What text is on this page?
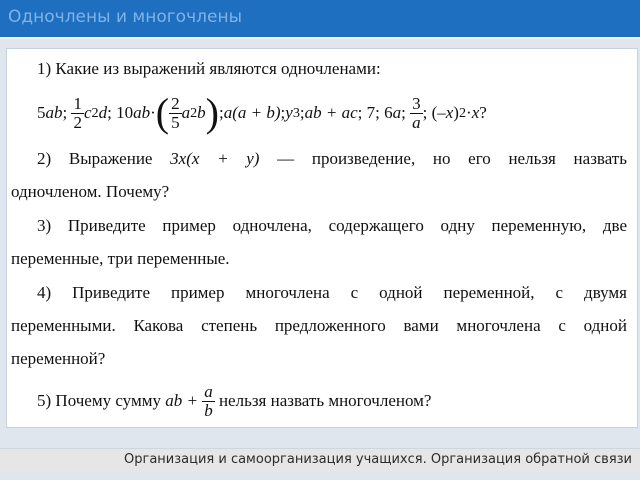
Одночлены и многочлены
1) Какие из выражений являются одночленами:
5 ab ;
$\frac{1}{2}$ c 2 d ; 10 ab · ( $\frac{2}{5}$ a 2 b ) ; a(a + b) ; y 3 ; ab + ac ; 7; 6 a ;
$\frac{3}{a}$ ; (– x ) 2 · x ?
2) Выражение 3x(x + y) — произведение, но его нельзя назвать
одночленом. Почему?
3) Приведите пример одночлена, содержащего одну переменную, две
переменные, три переменные.
4) Приведите пример многочлена с одной переменной, с двумя
переменными. Какова степень предложенного вами многочлена с одной
переменной?
5) Почему сумму
ab +
$\frac{a}{b}$
нельзя назвать многочленом?
Организация и самоорганизация учащихся. Организация обратной связи
